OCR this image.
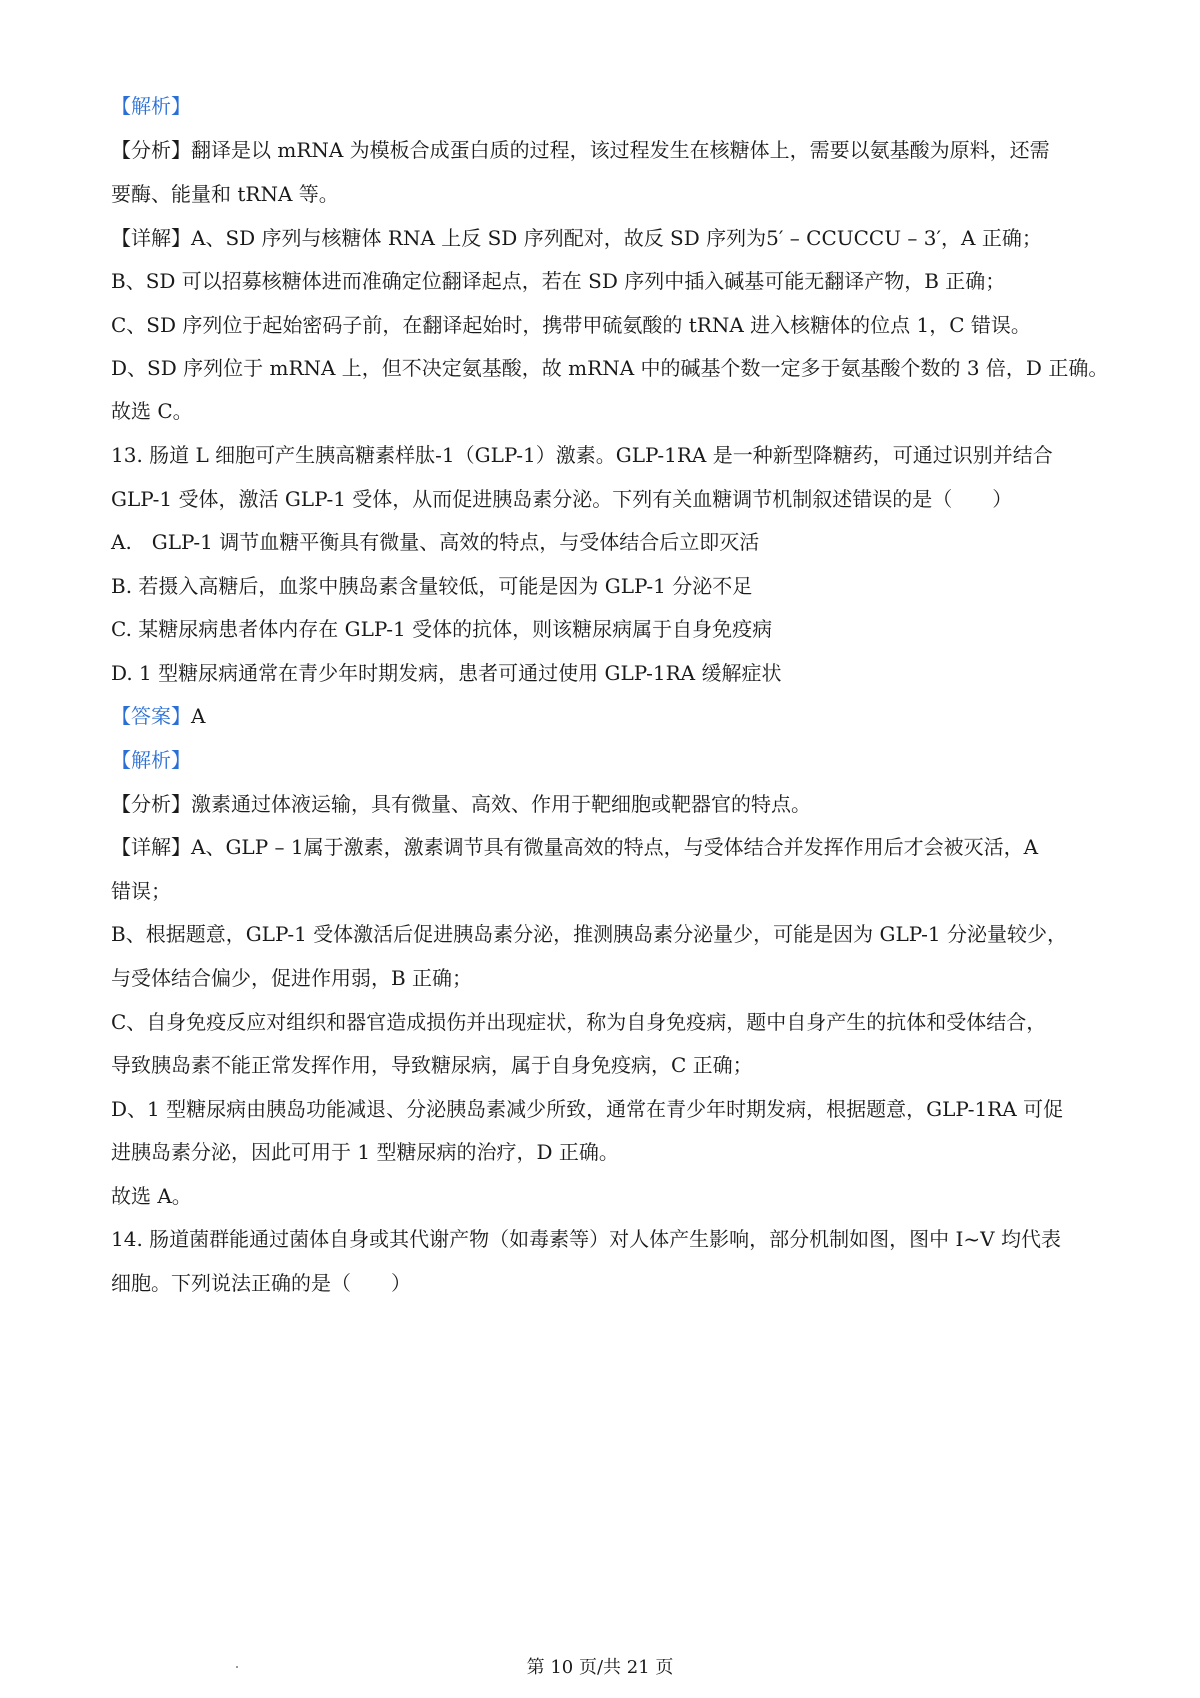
【解析】
【分析】翻译是以 mRNA 为模板合成蛋白质的过程，该过程发生在核糖体上，需要以氨基酸为原料，还需
要酶、能量和 tRNA 等。
【详解】A、SD 序列与核糖体 RNA 上反 SD 序列配对，故反 SD 序列为5′ – CCUCCU – 3′，A 正确；
B、SD 可以招募核糖体进而准确定位翻译起点，若在 SD 序列中插入碱基可能无翻译产物，B 正确；
C、SD 序列位于起始密码子前，在翻译起始时，携带甲硫氨酸的 tRNA 进入核糖体的位点 1，C 错误。
D、SD 序列位于 mRNA 上，但不决定氨基酸，故 mRNA 中的碱基个数一定多于氨基酸个数的 3 倍，D 正确。
故选 C。
13. 肠道 L 细胞可产生胰高糖素样肽-1（GLP-1）激素。GLP-1RA 是一种新型降糖药，可通过识别并结合
GLP-1 受体，激活 GLP-1 受体，从而促进胰岛素分泌。下列有关血糖调节机制叙述错误的是（　　）
A.　GLP-1 调节血糖平衡具有微量、高效的特点，与受体结合后立即灭活
B. 若摄入高糖后，血浆中胰岛素含量较低，可能是因为 GLP-1 分泌不足
C. 某糖尿病患者体内存在 GLP-1 受体的抗体，则该糖尿病属于自身免疫病
D. 1 型糖尿病通常在青少年时期发病，患者可通过使用 GLP-1RA 缓解症状
【答案】A
【解析】
【分析】激素通过体液运输，具有微量、高效、作用于靶细胞或靶器官的特点。
【详解】A、GLP – 1属于激素，激素调节具有微量高效的特点，与受体结合并发挥作用后才会被灭活，A
错误；
B、根据题意，GLP-1 受体激活后促进胰岛素分泌，推测胰岛素分泌量少，可能是因为 GLP-1 分泌量较少，
与受体结合偏少，促进作用弱，B 正确；
C、自身免疫反应对组织和器官造成损伤并出现症状，称为自身免疫病，题中自身产生的抗体和受体结合，
导致胰岛素不能正常发挥作用，导致糖尿病，属于自身免疫病，C 正确；
D、1 型糖尿病由胰岛功能减退、分泌胰岛素减少所致，通常在青少年时期发病，根据题意，GLP-1RA 可促
进胰岛素分泌，因此可用于 1 型糖尿病的治疗，D 正确。
故选 A。
14. 肠道菌群能通过菌体自身或其代谢产物（如毒素等）对人体产生影响，部分机制如图，图中 I~V 均代表
细胞。下列说法正确的是（　　）
第 10 页/共 21 页
